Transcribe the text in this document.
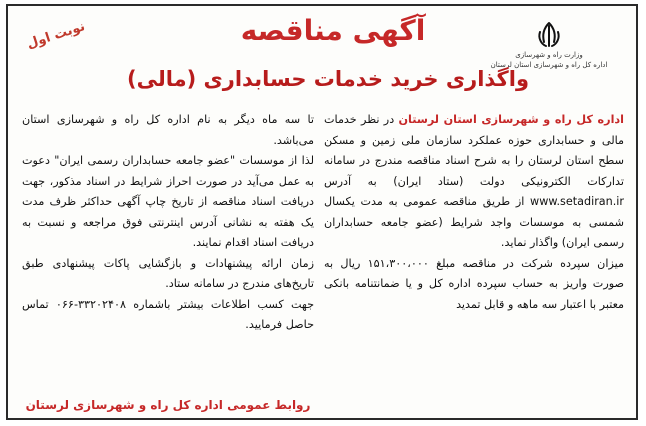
نوبت اول
وزارت راه و شهرسازی
اداره کل راه و شهرسازی استان لرستان
آگهی مناقصه
واگذاری خرید خدمات حسابداری (مالی)

اداره کل راه و شهرسازی استان لرستان در نظر خدمات مالی و حسابداری حوزه عملکرد سازمان ملی زمین و مسکن سطح استان لرستان را به شرح اسناد مناقصه مندرج در سامانه تدارکات الکترونیکی دولت (ستاد ایران) به آدرس www.setadiran.ir از طریق مناقصه عمومی به مدت یکسال شمسی به موسسات واجد شرایط (عضو جامعه حسابداران رسمی ایران) واگذار نماید.

میزان سپرده شرکت در مناقصه مبلغ ۱۵۱،۳۰۰،۰۰۰ ریال به صورت واریز به حساب سپرده اداره کل و یا ضمانتنامه بانکی معتبر با اعتبار سه ماهه و قابل تمدید

تا سه ماه دیگر به نام اداره کل راه و شهرسازی استان می‌باشد.

لذا از موسسات "عضو جامعه حسابداران رسمی ایران" دعوت به عمل می‌آید در صورت احراز شرایط در اسناد مذکور، جهت دریافت اسناد مناقصه از تاریخ چاپ آگهی حداکثر ظرف مدت یک هفته به نشانی آدرس اینترنتی فوق مراجعه و نسبت به دریافت اسناد اقدام نمایند.

زمان ارائه پیشنهادات و بازگشایی پاکات پیشنهادی طبق تاریخ‌های مندرج در سامانه ستاد.

جهت کسب اطلاعات بیشتر باشماره ۳۳۲۰۲۴۰۸-۰۶۶ تماس حاصل فرمایید.

روابط عمومی اداره کل راه و شهرسازی لرستان
